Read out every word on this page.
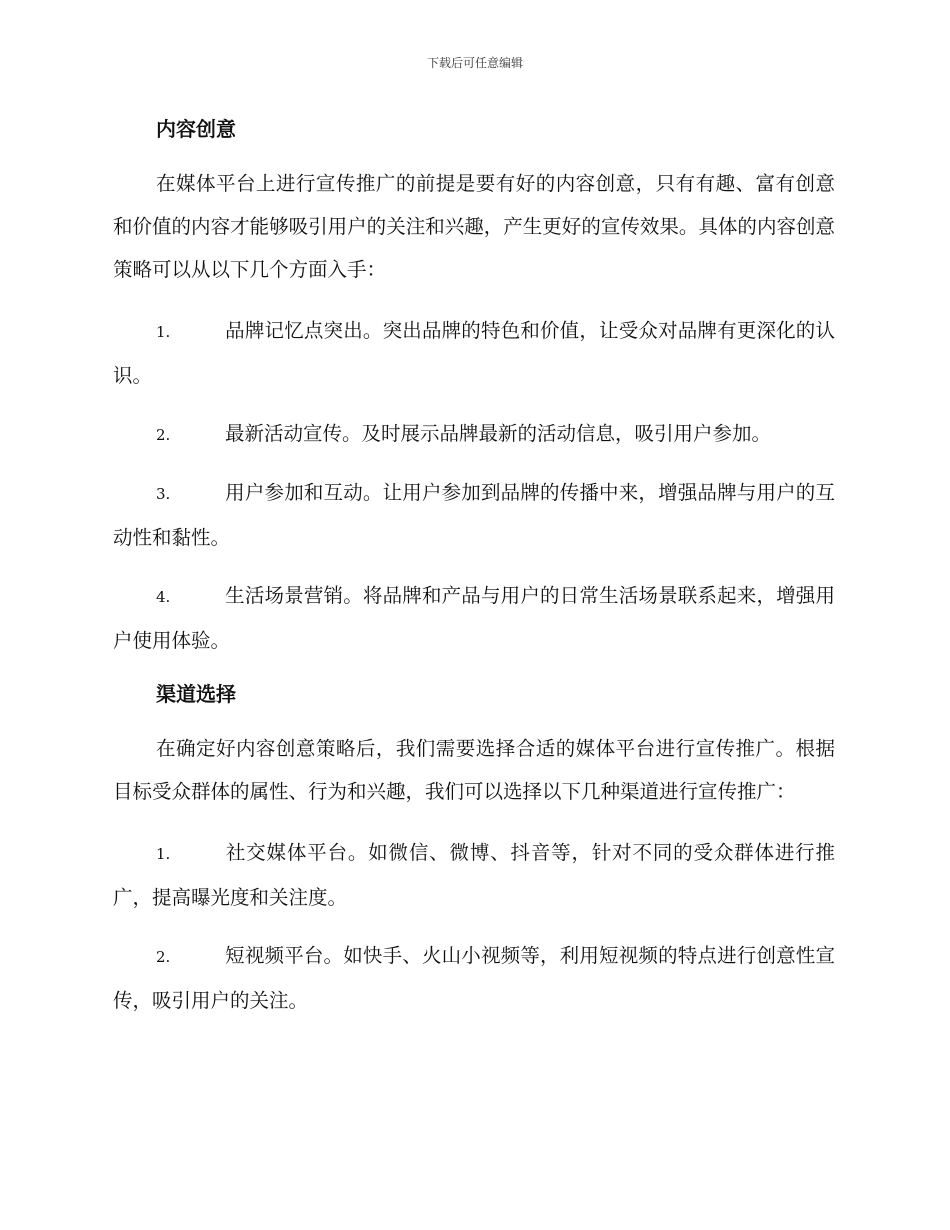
下载后可任意编辑
内容创意

在媒体平台上进行宣传推广的前提是要有好的内容创意，只有有趣、富有创意和价值的内容才能够吸引用户的关注和兴趣，产生更好的宣传效果。具体的内容创意策略可以从以下几个方面入手：

1.	品牌记忆点突出。突出品牌的特色和价值，让受众对品牌有更深化的认识。
2.	最新活动宣传。及时展示品牌最新的活动信息，吸引用户参加。
3.	用户参加和互动。让用户参加到品牌的传播中来，增强品牌与用户的互动性和黏性。
4.	生活场景营销。将品牌和产品与用户的日常生活场景联系起来，增强用户使用体验。
渠道选择

在确定好内容创意策略后，我们需要选择合适的媒体平台进行宣传推广。根据目标受众群体的属性、行为和兴趣，我们可以选择以下几种渠道进行宣传推广：

1.	社交媒体平台。如微信、微博、抖音等，针对不同的受众群体进行推广，提高曝光度和关注度。
2.	短视频平台。如快手、火山小视频等，利用短视频的特点进行创意性宣传，吸引用户的关注。
